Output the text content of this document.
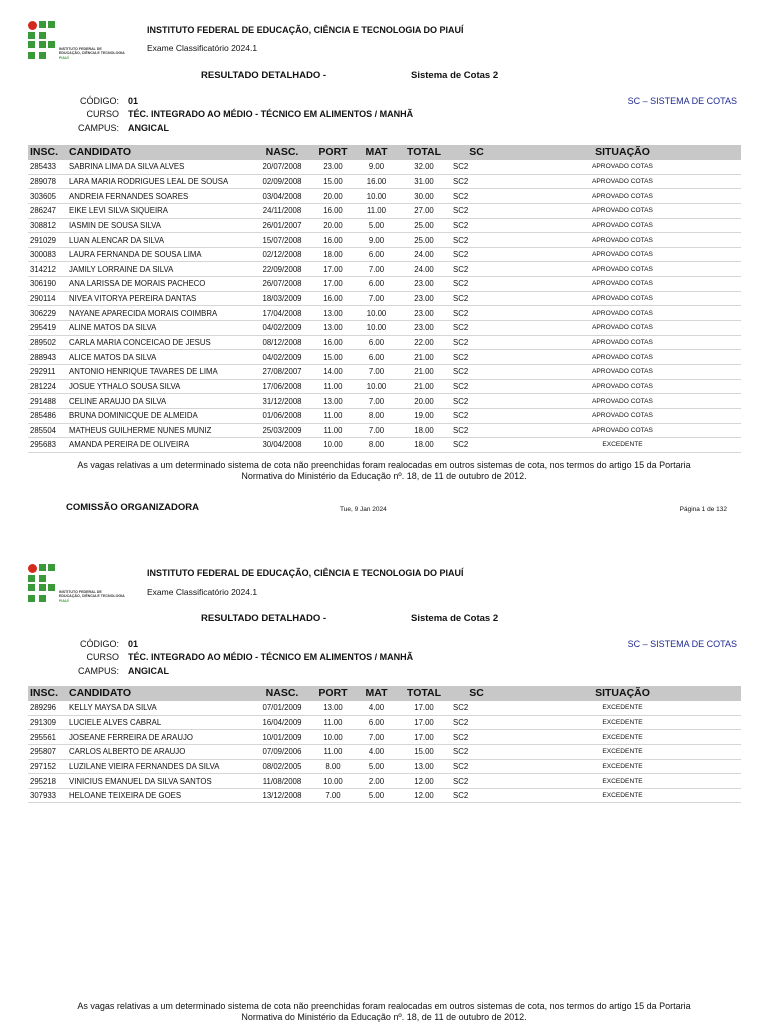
INSTITUTO FEDERAL DE
EDUCAÇÃO, CIÊNCIA E TECNOLOGIA
PIAUÍ
INSTITUTO FEDERAL DE EDUCAÇÃO, CIÊNCIA E TECNOLOGIA DO PIAUÍ
Exame Classificatório 2024.1
RESULTADO DETALHADO -	Sistema de Cotas 2
CÓDIGO: 01	SC – SISTEMA DE COTAS
CURSO TÉC. INTEGRADO AO MÉDIO - TÉCNICO EM ALIMENTOS / MANHÃ
CAMPUS: ANGICAL
INSC.	CANDIDATO	NASC.	PORT	MAT	TOTAL	SC	SITUAÇÃO
285433	SABRINA LIMA DA SILVA ALVES	20/07/2008	23.00	9.00	32.00	SC2	APROVADO COTAS
289078	LARA MARIA RODRIGUES LEAL DE SOUSA	02/09/2008	15.00	16.00	31.00	SC2	APROVADO COTAS
303605	ANDREIA FERNANDES SOARES	03/04/2008	20.00	10.00	30.00	SC2	APROVADO COTAS
286247	EIKE LEVI SILVA SIQUEIRA	24/11/2008	16.00	11.00	27.00	SC2	APROVADO COTAS
308812	IASMIN DE SOUSA SILVA	26/01/2007	20.00	5.00	25.00	SC2	APROVADO COTAS
291029	LUAN ALENCAR DA SILVA	15/07/2008	16.00	9.00	25.00	SC2	APROVADO COTAS
300083	LAURA FERNANDA DE SOUSA LIMA	02/12/2008	18.00	6.00	24.00	SC2	APROVADO COTAS
314212	JAMILY LORRAINE DA SILVA	22/09/2008	17.00	7.00	24.00	SC2	APROVADO COTAS
306190	ANA LARISSA DE MORAIS PACHECO	26/07/2008	17.00	6.00	23.00	SC2	APROVADO COTAS
290114	NIVEA VITORYA PEREIRA DANTAS	18/03/2009	16.00	7.00	23.00	SC2	APROVADO COTAS
306229	NAYANE APARECIDA MORAIS COIMBRA	17/04/2008	13.00	10.00	23.00	SC2	APROVADO COTAS
295419	ALINE MATOS DA SILVA	04/02/2009	13.00	10.00	23.00	SC2	APROVADO COTAS
289502	CARLA MARIA CONCEICAO DE JESUS	08/12/2008	16.00	6.00	22.00	SC2	APROVADO COTAS
288943	ALICE MATOS DA SILVA	04/02/2009	15.00	6.00	21.00	SC2	APROVADO COTAS
292911	ANTONIO HENRIQUE TAVARES DE LIMA	27/08/2007	14.00	7.00	21.00	SC2	APROVADO COTAS
281224	JOSUE YTHALO SOUSA SILVA	17/06/2008	11.00	10.00	21.00	SC2	APROVADO COTAS
291488	CELINE ARAUJO DA SILVA	31/12/2008	13.00	7.00	20.00	SC2	APROVADO COTAS
285486	BRUNA DOMINICQUE DE ALMEIDA	01/06/2008	11.00	8.00	19.00	SC2	APROVADO COTAS
285504	MATHEUS GUILHERME NUNES MUNIZ	25/03/2009	11.00	7.00	18.00	SC2	APROVADO COTAS
295683	AMANDA PEREIRA DE OLIVEIRA	30/04/2008	10.00	8.00	18.00	SC2	EXCEDENTE
As vagas relativas a um determinado sistema de cota não preenchidas foram realocadas em outros sistemas de cota, nos termos do artigo 15 da Portaria
Normativa do Ministério da Educação nº. 18, de 11 de outubro de 2012.
COMISSÃO ORGANIZADORA	Tue, 9 Jan 2024	Página 1 de 132
INSTITUTO FEDERAL DE
EDUCAÇÃO, CIÊNCIA E TECNOLOGIA
PIAUÍ
INSTITUTO FEDERAL DE EDUCAÇÃO, CIÊNCIA E TECNOLOGIA DO PIAUÍ
Exame Classificatório 2024.1
RESULTADO DETALHADO -	Sistema de Cotas 2
CÓDIGO: 01	SC – SISTEMA DE COTAS
CURSO TÉC. INTEGRADO AO MÉDIO - TÉCNICO EM ALIMENTOS / MANHÃ
CAMPUS: ANGICAL
INSC.	CANDIDATO	NASC.	PORT	MAT	TOTAL	SC	SITUAÇÃO
289296	KELLY MAYSA DA SILVA	07/01/2009	13.00	4.00	17.00	SC2	EXCEDENTE
291309	LUCIELE ALVES CABRAL	16/04/2009	11.00	6.00	17.00	SC2	EXCEDENTE
295561	JOSEANE FERREIRA DE ARAUJO	10/01/2009	10.00	7.00	17.00	SC2	EXCEDENTE
295807	CARLOS ALBERTO DE ARAUJO	07/09/2006	11.00	4.00	15.00	SC2	EXCEDENTE
297152	LUZILANE VIEIRA FERNANDES DA SILVA	08/02/2005	8.00	5.00	13.00	SC2	EXCEDENTE
295218	VINICIUS EMANUEL DA SILVA SANTOS	11/08/2008	10.00	2.00	12.00	SC2	EXCEDENTE
307933	HELOANE TEIXEIRA DE GOES	13/12/2008	7.00	5.00	12.00	SC2	EXCEDENTE
As vagas relativas a um determinado sistema de cota não preenchidas foram realocadas em outros sistemas de cota, nos termos do artigo 15 da Portaria
Normativa do Ministério da Educação nº. 18, de 11 de outubro de 2012.
